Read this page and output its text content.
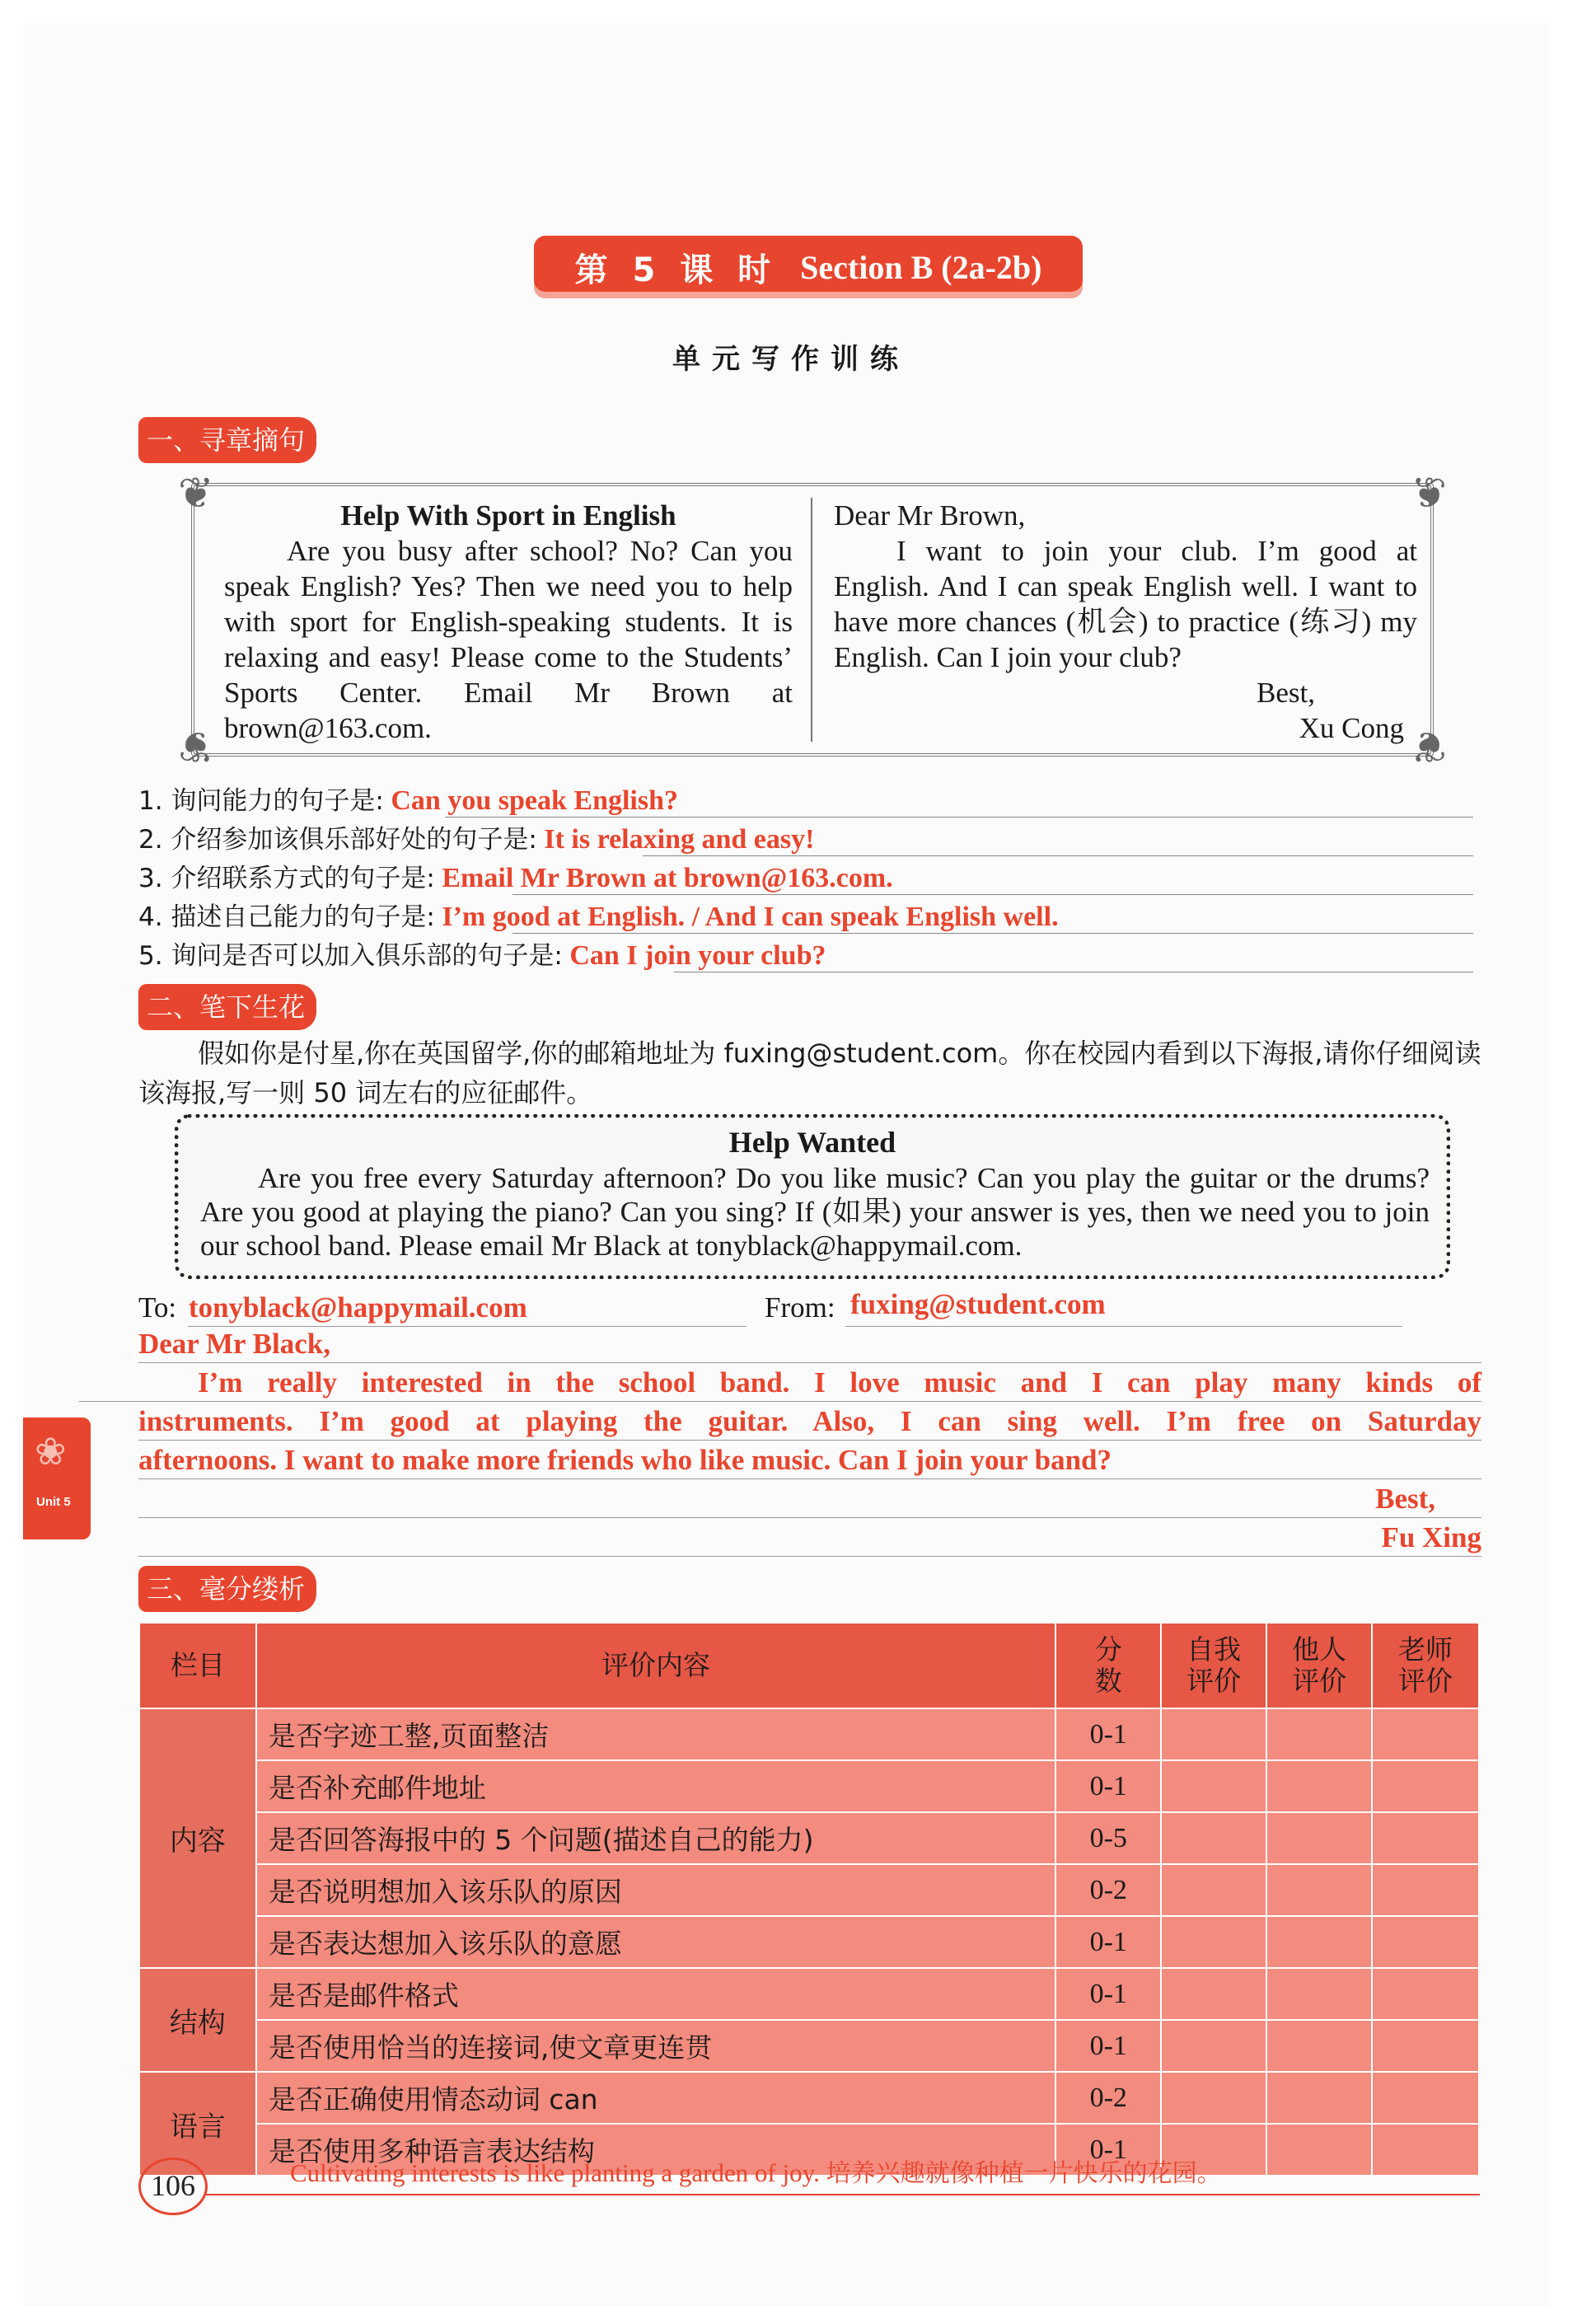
第 5 课 时 Section B (2a-2b)
单元写作训练
一、寻章摘句
❦	❦
❦	❦
Help With Sport in English
Are you busy after school? No? Can you speak English? Yes? Then we need you to help with sport for English-speaking students. It is relaxing and easy! Please come to the Students’ Sports Center. Email Mr Brown at brown@163.com.
Dear Mr Brown,
I want to join your club. I’m good at English. And I can speak English well. I want to have more chances (机会) to practice (练习) my English. Can I join your club?
Best,
Xu Cong
1. 询问能力的句子是: Can you speak English?
2. 介绍参加该俱乐部好处的句子是: It is relaxing and easy!
3. 介绍联系方式的句子是: Email Mr Brown at brown@163.com.
4. 描述自己能力的句子是: I’m good at English. / And I can speak English well.
5. 询问是否可以加入俱乐部的句子是: Can I join your club?
二、笔下生花
假如你是付星,你在英国留学,你的邮箱地址为 fuxing@student.com。你在校园内看到以下海报,请你仔细阅读该海报,写一则 50 词左右的应征邮件。
Help Wanted
Are you free every Saturday afternoon? Do you like music? Can you play the guitar or the drums? Are you good at playing the piano? Can you sing? If (如果) your answer is yes, then we need you to join our school band. Please email Mr Black at tonyblack@happymail.com.
To: tonyblack@happymail.com	From: fuxing@student.com
Dear Mr Black,
I’m really interested in the school band. I love music and I can play many kinds of
instruments. I’m good at playing the guitar. Also, I can sing well. I’m free on Saturday
afternoons. I want to make more friends who like music. Can I join your band?
Best,
Fu Xing
❀
Unit 5
三、毫分缕析
栏目	评价内容	分数	自我评价	他人评价	老师评价
内容	是否字迹工整,页面整洁	0-1			
	是否补充邮件地址	0-1			
	是否回答海报中的 5 个问题(描述自己的能力)	0-5			
	是否说明想加入该乐队的原因	0-2			
	是否表达想加入该乐队的意愿	0-1			
结构	是否是邮件格式	0-1			
	是否使用恰当的连接词,使文章更连贯	0-1			
语言	是否正确使用情态动词 can	0-2			
	是否使用多种语言表达结构	0-1			
106	Cultivating interests is like planting a garden of joy. 培养兴趣就像种植一片快乐的花园。
